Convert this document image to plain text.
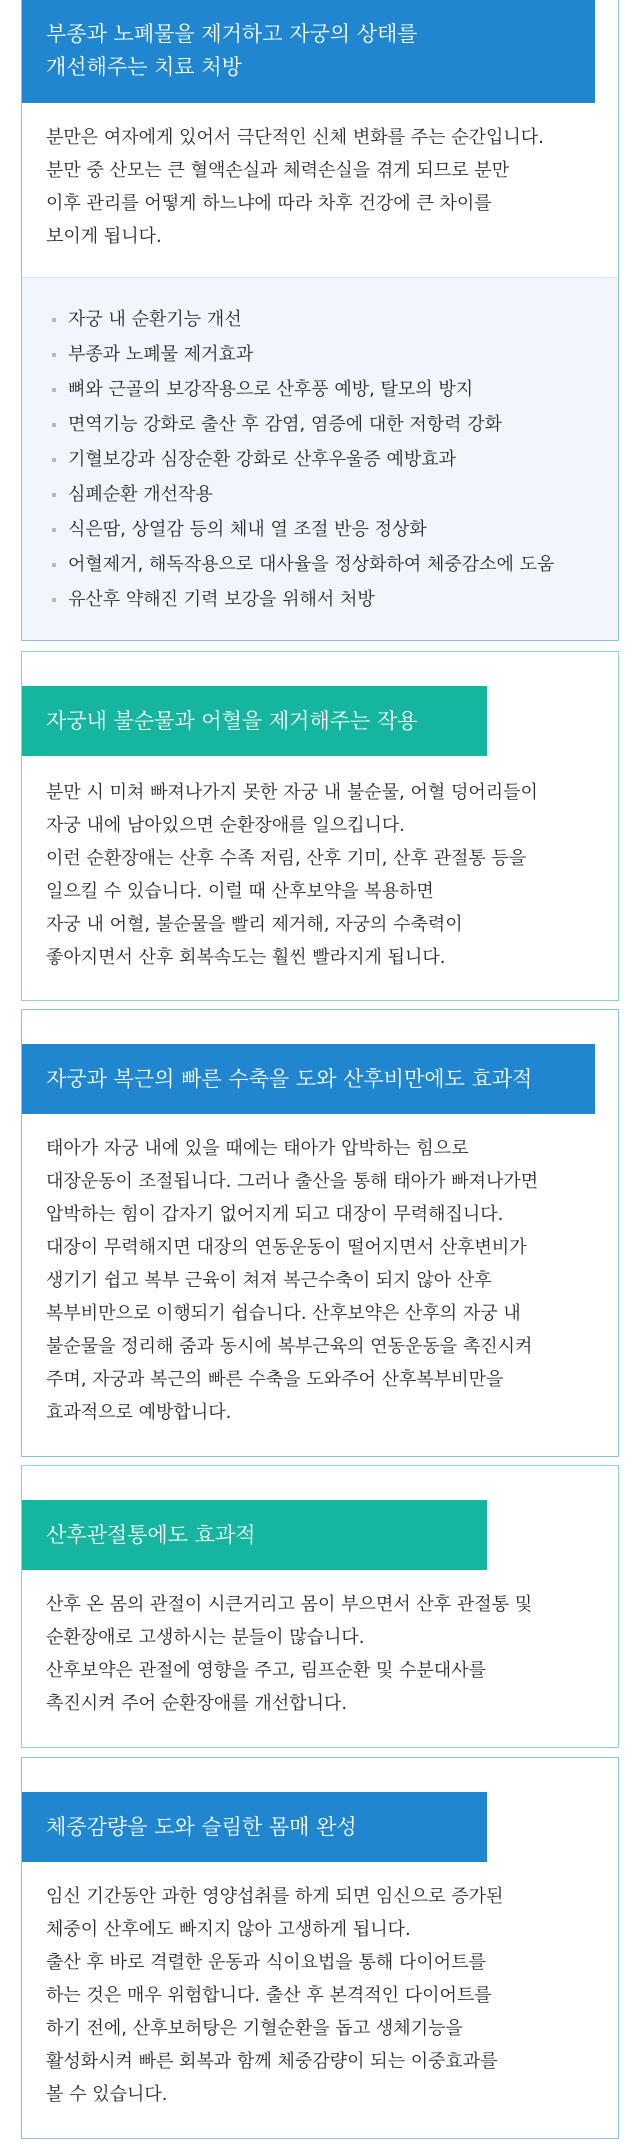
부종과 노폐물을 제거하고 자궁의 상태를
개선해주는 치료 처방
분만은 여자에게 있어서 극단적인 신체 변화를 주는 순간입니다.
분만 중 산모는 큰 혈액손실과 체력손실을 겪게 되므로 분만
이후 관리를 어떻게 하느냐에 따라 차후 건강에 큰 차이를
보이게 됩니다.
자궁 내 순환기능 개선
부종과 노폐물 제거효과
뼈와 근골의 보강작용으로 산후풍 예방, 탈모의 방지
면역기능 강화로 출산 후 감염, 염증에 대한 저항력 강화
기혈보강과 심장순환 강화로 산후우울증 예방효과
심폐순환 개선작용
식은땀, 상열감 등의 체내 열 조절 반응 정상화
어혈제거, 해독작용으로 대사율을 정상화하여 체중감소에 도움
유산후 약해진 기력 보강을 위해서 처방
자궁내 불순물과 어혈을 제거해주는 작용
분만 시 미쳐 빠져나가지 못한 자궁 내 불순물, 어혈 덩어리들이
자궁 내에 남아있으면 순환장애를 일으킵니다.
이런 순환장애는 산후 수족 저림, 산후 기미, 산후 관절통 등을
일으킬 수 있습니다. 이럴 때 산후보약을 복용하면
자궁 내 어혈, 불순물을 빨리 제거해, 자궁의 수축력이
좋아지면서 산후 회복속도는 훨씬 빨라지게 됩니다.
자궁과 복근의 빠른 수축을 도와 산후비만에도 효과적
태아가 자궁 내에 있을 때에는 태아가 압박하는 힘으로
대장운동이 조절됩니다. 그러나 출산을 통해 태아가 빠져나가면
압박하는 힘이 갑자기 없어지게 되고 대장이 무력해집니다.
대장이 무력해지면 대장의 연동운동이 떨어지면서 산후변비가
생기기 쉽고 복부 근육이 쳐져 복근수축이 되지 않아 산후
복부비만으로 이행되기 쉽습니다. 산후보약은 산후의 자궁 내
불순물을 정리해 줌과 동시에 복부근육의 연동운동을 촉진시켜
주며, 자궁과 복근의 빠른 수축을 도와주어 산후복부비만을
효과적으로 예방합니다.
산후관절통에도 효과적
산후 온 몸의 관절이 시큰거리고 몸이 부으면서 산후 관절통 및
순환장애로 고생하시는 분들이 많습니다.
산후보약은 관절에 영향을 주고, 림프순환 및 수분대사를
촉진시켜 주어 순환장애를 개선합니다.
체중감량을 도와 슬림한 몸매 완성
임신 기간동안 과한 영양섭취를 하게 되면 임신으로 증가된
체중이 산후에도 빠지지 않아 고생하게 됩니다.
출산 후 바로 격렬한 운동과 식이요법을 통해 다이어트를
하는 것은 매우 위험합니다. 출산 후 본격적인 다이어트를
하기 전에, 산후보허탕은 기혈순환을 돕고 생체기능을
활성화시켜 빠른 회복과 함께 체중감량이 되는 이중효과를
볼 수 있습니다.
